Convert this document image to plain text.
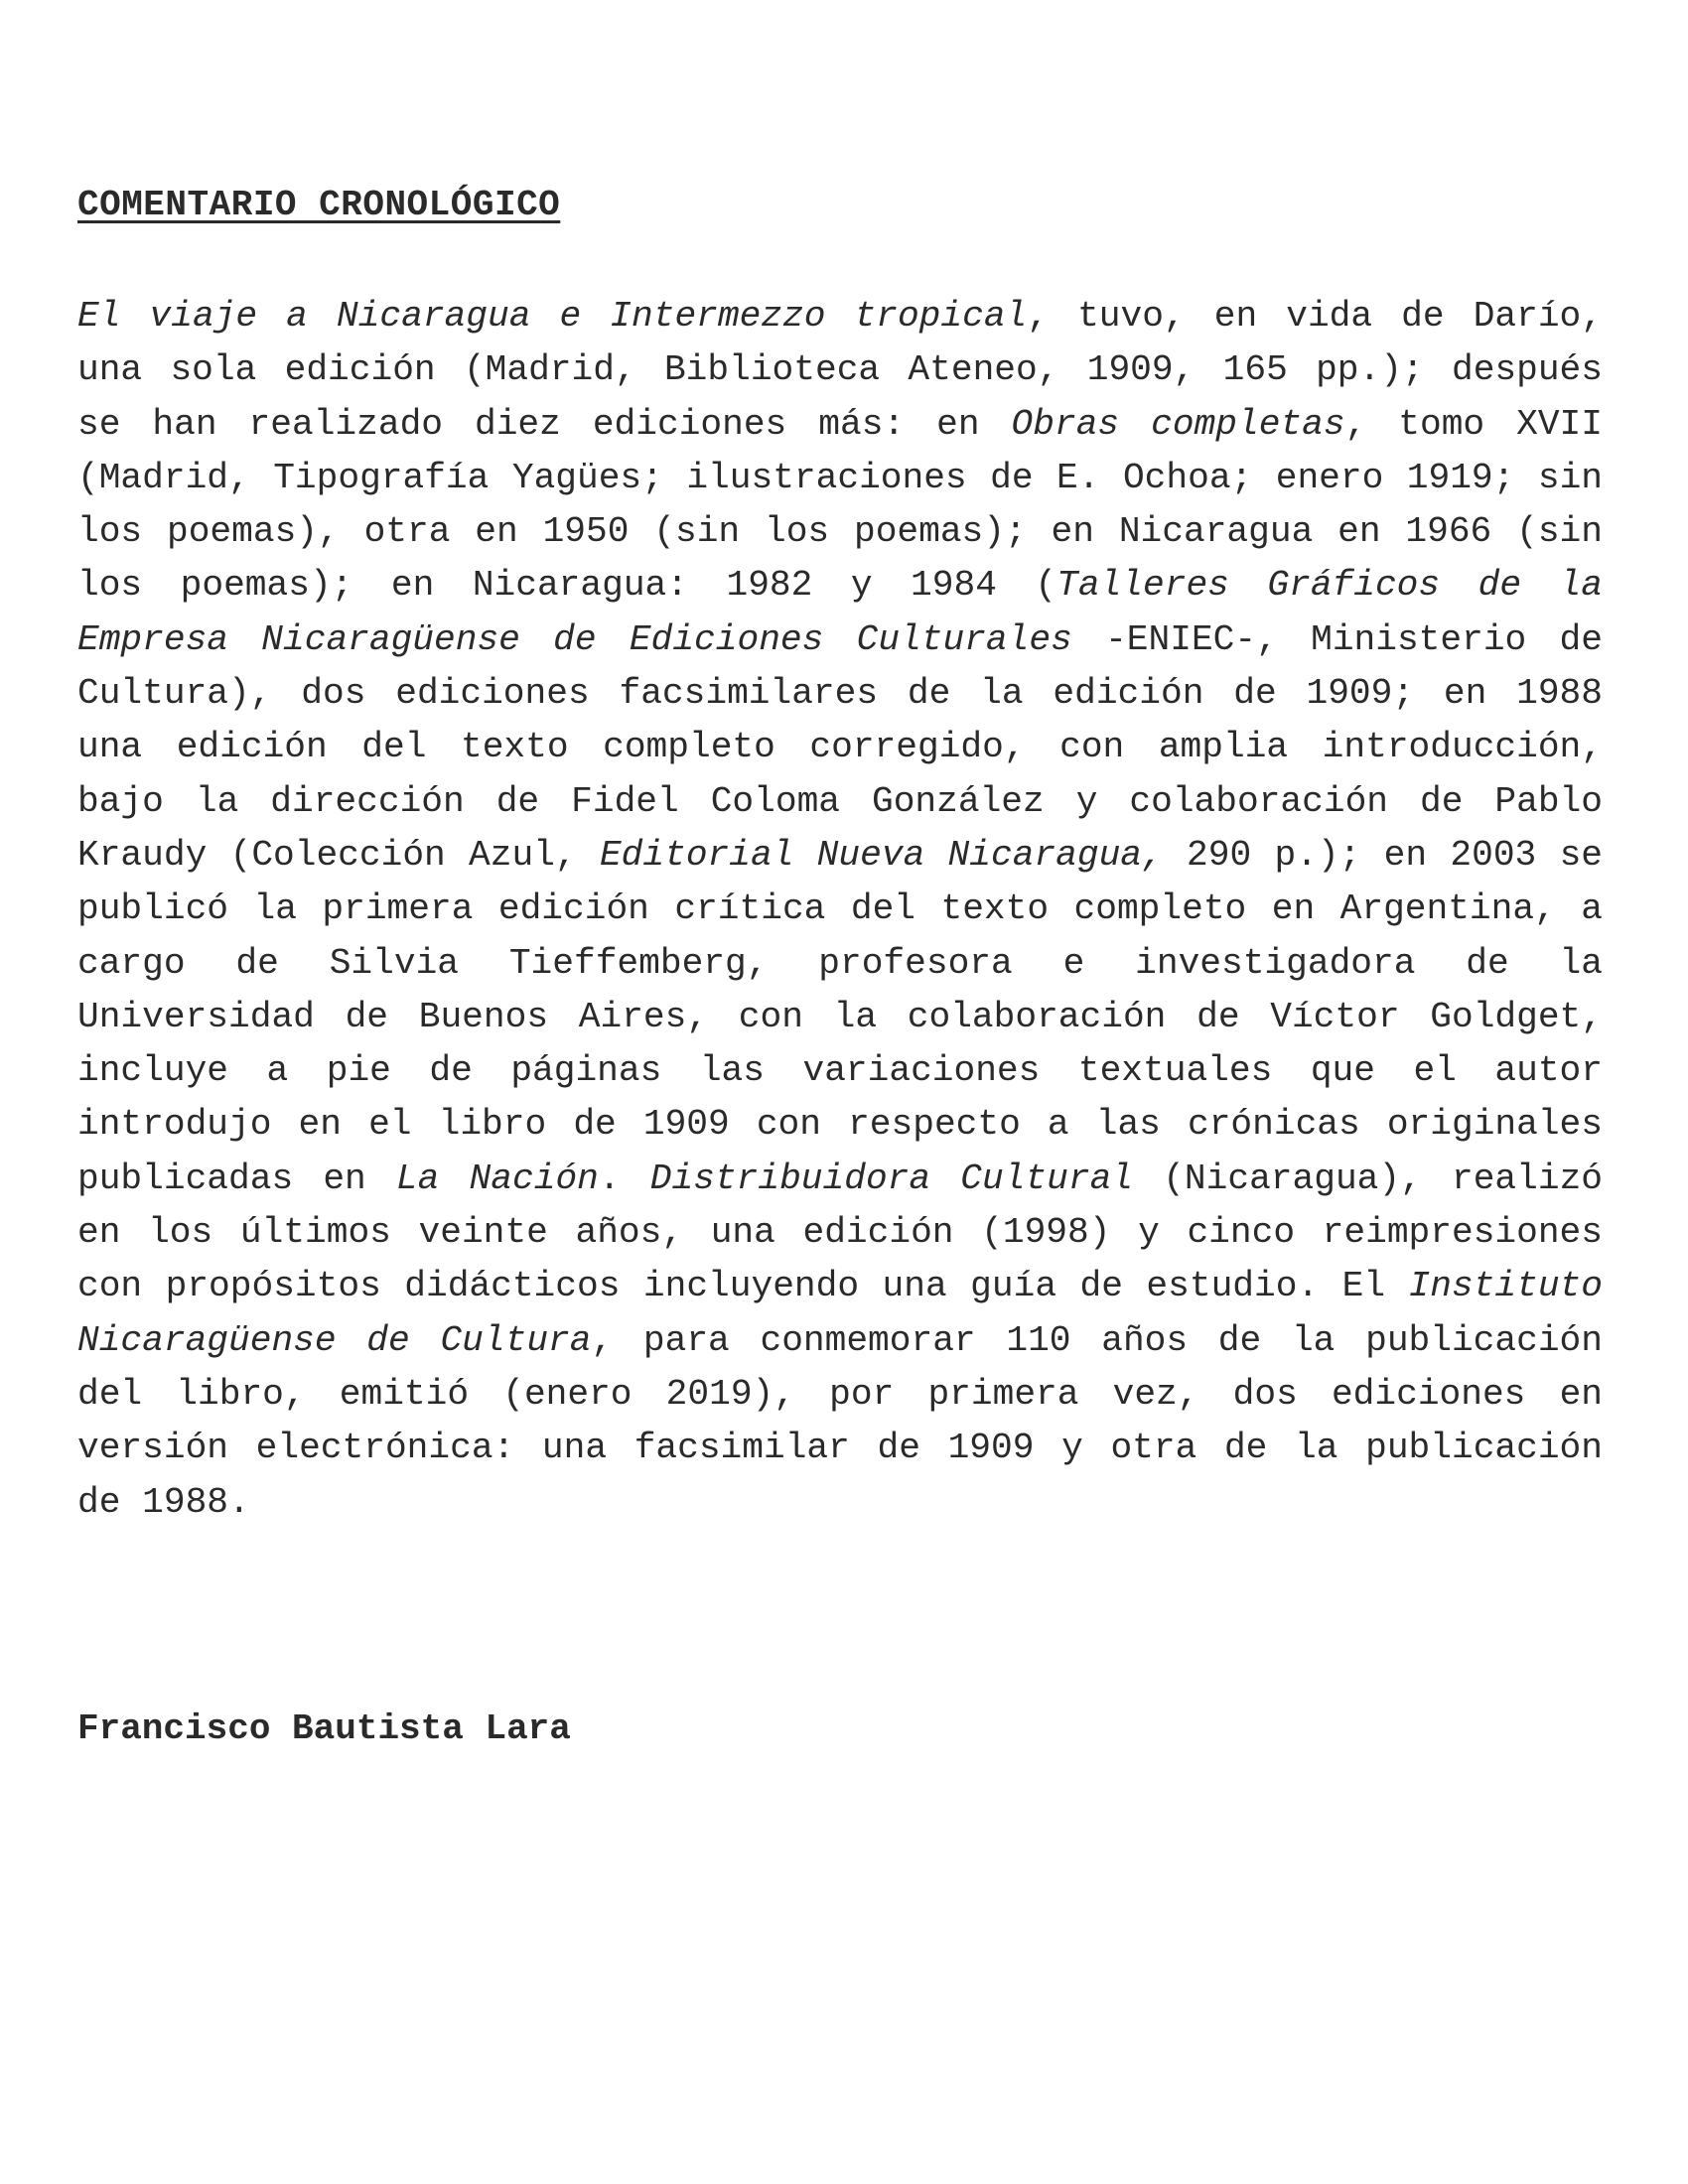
COMENTARIO CRONOLÓGICO

El viaje a Nicaragua e Intermezzo tropical, tuvo, en vida de Darío, una sola edición (Madrid, Biblioteca Ateneo, 1909, 165 pp.); después se han realizado diez ediciones más: en Obras completas, tomo XVII (Madrid, Tipografía Yagües; ilustraciones de E. Ochoa; enero 1919; sin los poemas), otra en 1950 (sin los poemas); en Nicaragua en 1966 (sin los poemas); en Nicaragua: 1982 y 1984 (Talleres Gráficos de la Empresa Nicaragüense de Ediciones Culturales -ENIEC-, Ministerio de Cultura), dos ediciones facsimilares de la edición de 1909; en 1988 una edición del texto completo corregido, con amplia introducción, bajo la dirección de Fidel Coloma González y colaboración de Pablo Kraudy (Colección Azul, Editorial Nueva Nicaragua, 290 p.); en 2003 se publicó la primera edición crítica del texto completo en Argentina, a cargo de Silvia Tieffemberg, profesora e investigadora de la Universidad de Buenos Aires, con la colaboración de Víctor Goldget, incluye a pie de páginas las variaciones textuales que el autor introdujo en el libro de 1909 con respecto a las crónicas originales publicadas en La Nación. Distribuidora Cultural (Nicaragua), realizó en los últimos veinte años, una edición (1998) y cinco reimpresiones con propósitos didácticos incluyendo una guía de estudio. El Instituto Nicaragüense de Cultura, para conmemorar 110 años de la publicación del libro, emitió (enero 2019), por primera vez, dos ediciones en versión electrónica: una facsimilar de 1909 y otra de la publicación de 1988.

Francisco Bautista Lara
